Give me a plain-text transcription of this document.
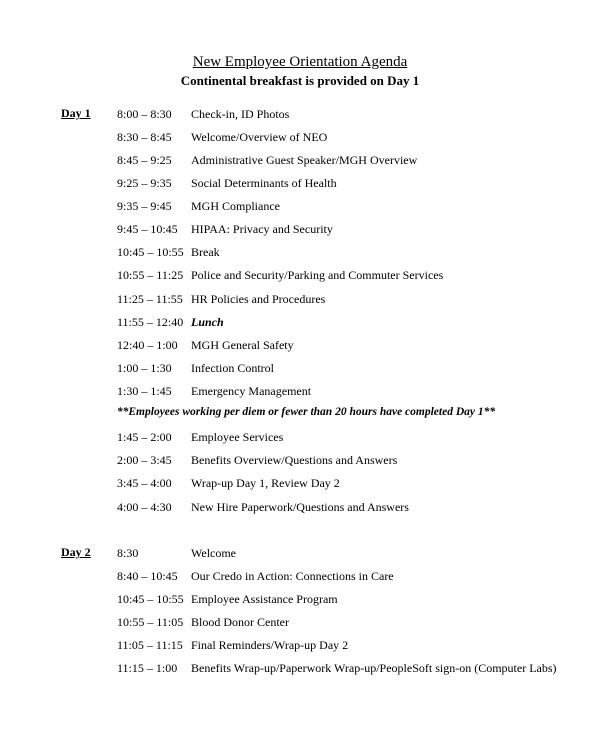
New Employee Orientation Agenda
Continental breakfast is provided on Day 1
Day 1 8:00 – 8:30 Check-in, ID Photos
8:30 – 8:45 Welcome/Overview of NEO
8:45 – 9:25 Administrative Guest Speaker/MGH Overview
9:25 – 9:35 Social Determinants of Health
9:35 – 9:45 MGH Compliance
9:45 – 10:45 HIPAA: Privacy and Security
10:45 – 10:55 Break
10:55 – 11:25 Police and Security/Parking and Commuter Services
11:25 – 11:55 HR Policies and Procedures
11:55 – 12:40 Lunch
12:40 – 1:00 MGH General Safety
1:00 – 1:30 Infection Control
1:30 – 1:45 Emergency Management
**Employees working per diem or fewer than 20 hours have completed Day 1**
1:45 – 2:00 Employee Services
2:00 – 3:45 Benefits Overview/Questions and Answers
3:45 – 4:00 Wrap-up Day 1, Review Day 2
4:00 – 4:30 New Hire Paperwork/Questions and Answers
Day 2 8:30	Welcome
8:40 – 10:45 Our Credo in Action: Connections in Care
10:45 – 10:55 Employee Assistance Program
10:55 – 11:05 Blood Donor Center
11:05 – 11:15 Final Reminders/Wrap-up Day 2
11:15 – 1:00 Benefits Wrap-up/Paperwork Wrap-up/PeopleSoft sign-on (Computer Labs)
